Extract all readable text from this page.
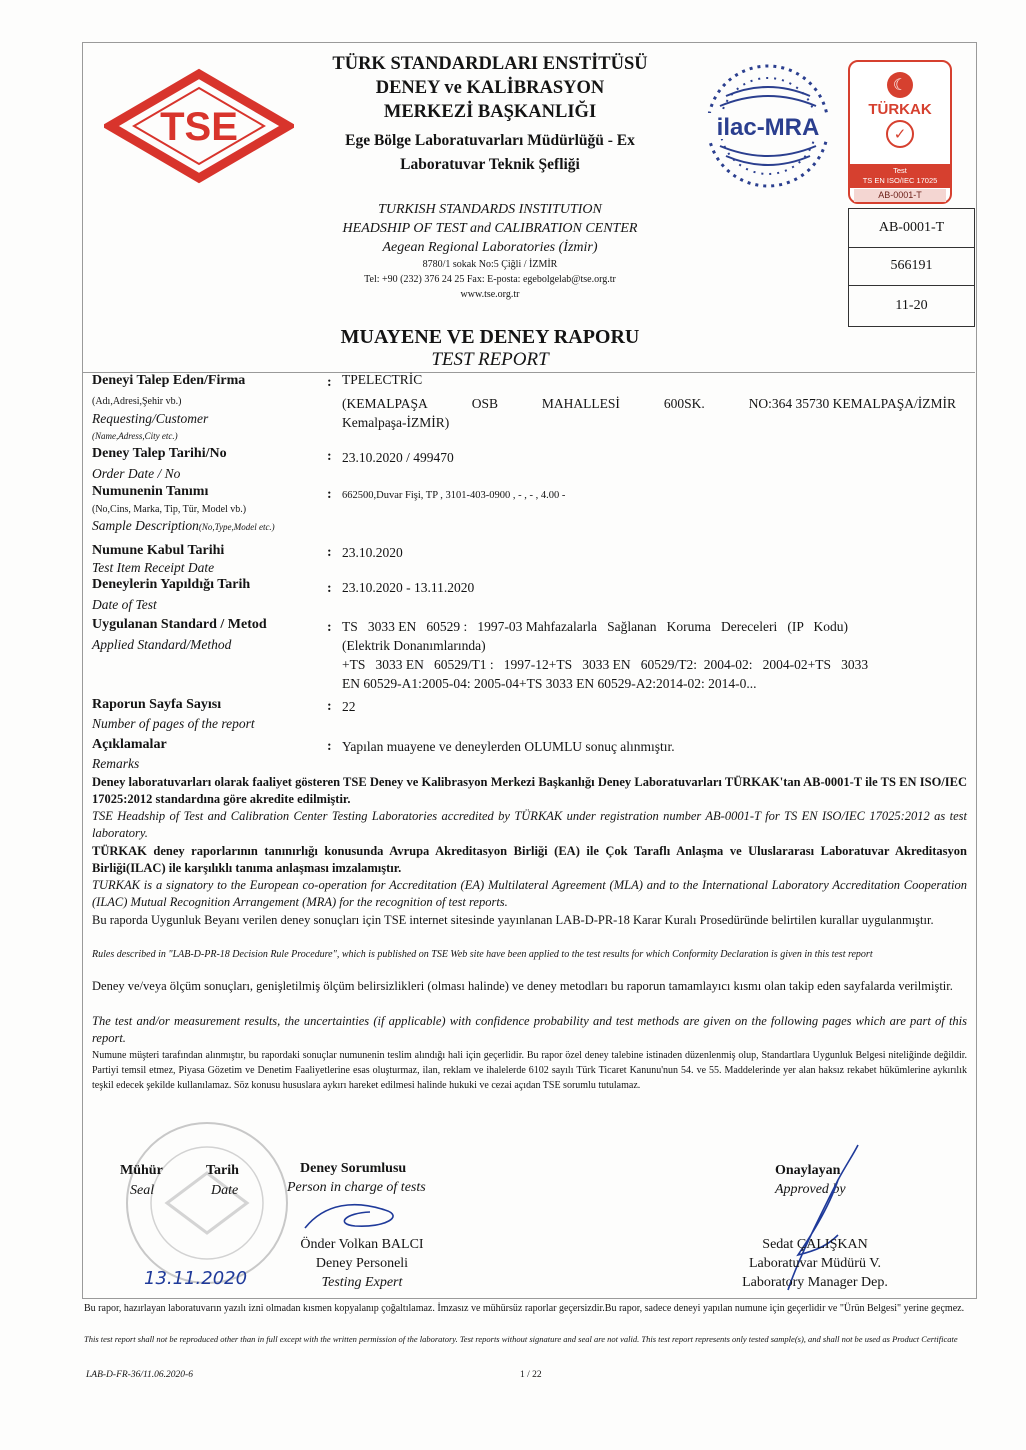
TSE
TÜRK STANDARDLARI ENSTİTÜSÜ
DENEY ve KALİBRASYON
MERKEZİ BAŞKANLIĞI
Ege Bölge Laboratuvarları Müdürlüğü - Ex
Laboratuvar Teknik Şefliği
TURKISH STANDARDS INSTITUTION
HEADSHIP OF TEST and CALIBRATION CENTER
Aegean Regional Laboratories (İzmir)
8780/1 sokak No:5 Çiğli / İZMİR
Tel: +90 (232) 376 24 25 Fax: E-posta: egebolgelab@tse.org.tr
www.tse.org.tr
ilac-MRA
☾
TÜRKAK
✓
Test
TS EN ISO/IEC 17025
AB-0001-T
AB-0001-T
566191
11-20
MUAYENE VE DENEY RAPORU
TEST REPORT
Deneyi Talep Eden/Firma
(Adı,Adresi,Şehir vb.)
Requesting/Customer
(Name,Adress,City etc.)
: TPELECTRİC
(KEMALPAŞA	OSB	MAHALLESİ	600SK.	NO:364 35730 KEMALPAŞA/İZMİR
Kemalpaşa-İZMİR)
Deney Talep Tarihi/No
Order Date / No
: 23.10.2020 / 499470
Numunenin Tanımı
(No,Cins, Marka, Tip, Tür, Model vb.)
Sample Description(No,Type,Model etc.)
: 662500,Duvar Fişi, TP , 3101-403-0900 , - , - , 4.00 -
Numune Kabul Tarihi
Test Item Receipt Date
: 23.10.2020
Deneylerin Yapıldığı Tarih
Date of Test
: 23.10.2020 - 13.11.2020
Uygulanan Standard / Metod
Applied Standard/Method
: TS   3033 EN   60529 :   1997-03 Mahfazalarla   Sağlanan   Koruma   Dereceleri   (IP   Kodu)
(Elektrik Donanımlarında)
+TS   3033 EN   60529/T1 :   1997-12+TS   3033 EN   60529/T2:  2004-02:   2004-02+TS   3033
EN 60529-A1:2005-04: 2005-04+TS 3033 EN 60529-A2:2014-02: 2014-0...
Raporun Sayfa Sayısı
Number of pages of the report
: 22
Açıklamalar
Remarks
: Yapılan muayene ve deneylerden OLUMLU sonuç alınmıştır.
Deney laboratuvarları olarak faaliyet gösteren TSE Deney ve Kalibrasyon Merkezi Başkanlığı Deney Laboratuvarları TÜRKAK'tan AB-0001-T ile TS EN ISO/IEC 17025:2012 standardına göre akredite edilmiştir.
TSE Headship of Test and Calibration Center Testing Laboratories accredited by TÜRKAK under registration number AB-0001-T for TS EN ISO/IEC 17025:2012 as test laboratory.
TÜRKAK deney raporlarının tanınırlığı konusunda Avrupa Akreditasyon Birliği (EA) ile Çok Taraflı Anlaşma ve Uluslararası Laboratuvar Akreditasyon Birliği(ILAC) ile karşılıklı tanıma anlaşması imzalamıştır.
TURKAK is a signatory to the European co-operation for Accreditation (EA) Multilateral Agreement (MLA) and to the International Laboratory Accreditation Cooperation (ILAC) Mutual Recognition Arrangement (MRA) for the recognition of test reports.
Bu raporda Uygunluk Beyanı verilen deney sonuçları için TSE internet sitesinde yayınlanan LAB-D-PR-18 Karar Kuralı Prosedüründe belirtilen kurallar uygulanmıştır.
Rules described in "LAB-D-PR-18 Decision Rule Procedure", which is published on TSE Web site have been applied to the test results for which Conformity Declaration is given in this test report
Deney ve/veya ölçüm sonuçları, genişletilmiş ölçüm belirsizlikleri (olması halinde) ve deney metodları bu raporun tamamlayıcı kısmı olan takip eden sayfalarda verilmiştir.
The test and/or measurement results, the uncertainties (if applicable) with confidence probability and test methods are given on the following pages which are part of this report.
Numune müşteri tarafından alınmıştır, bu rapordaki sonuçlar numunenin teslim alındığı hali için geçerlidir. Bu rapor özel deney talebine istinaden düzenlenmiş olup, Standartlara Uygunluk Belgesi niteliğinde değildir. Partiyi temsil etmez, Piyasa Gözetim ve Denetim Faaliyetlerine esas oluşturmaz, ilan, reklam ve ihalelerde 6102 sayılı Türk Ticaret Kanunu'nun 54. ve 55. Maddelerinde yer alan haksız rekabet hükümlerine aykırılık teşkil edecek şekilde kullanılamaz. Söz konusu hususlara aykırı hareket edilmesi halinde hukuki ve cezai açıdan TSE sorumlu tutulamaz.
Mühür
Seal
Tarih
Date
Deney Sorumlusu
Person in charge of tests
Önder Volkan BALCI
Deney Personeli
Testing Expert
13.11.2020
Onaylayan
Approved by
Sedat ÇALIŞKAN
Laboratuvar Müdürü V.
Laboratory Manager Dep.
Bu rapor, hazırlayan laboratuvarın yazılı izni olmadan kısmen kopyalanıp çoğaltılamaz. İmzasız ve mühürsüz raporlar geçersizdir.Bu rapor, sadece deneyi yapılan numune için geçerlidir ve "Ürün Belgesi" yerine geçmez.
This test report shall not be reproduced other than in full except with the written permission of the laboratory. Test reports without signature and seal are not valid. This test report represents only tested sample(s), and shall not be used as Product Certificate
LAB-D-FR-36/11.06.2020-6	1 / 22
